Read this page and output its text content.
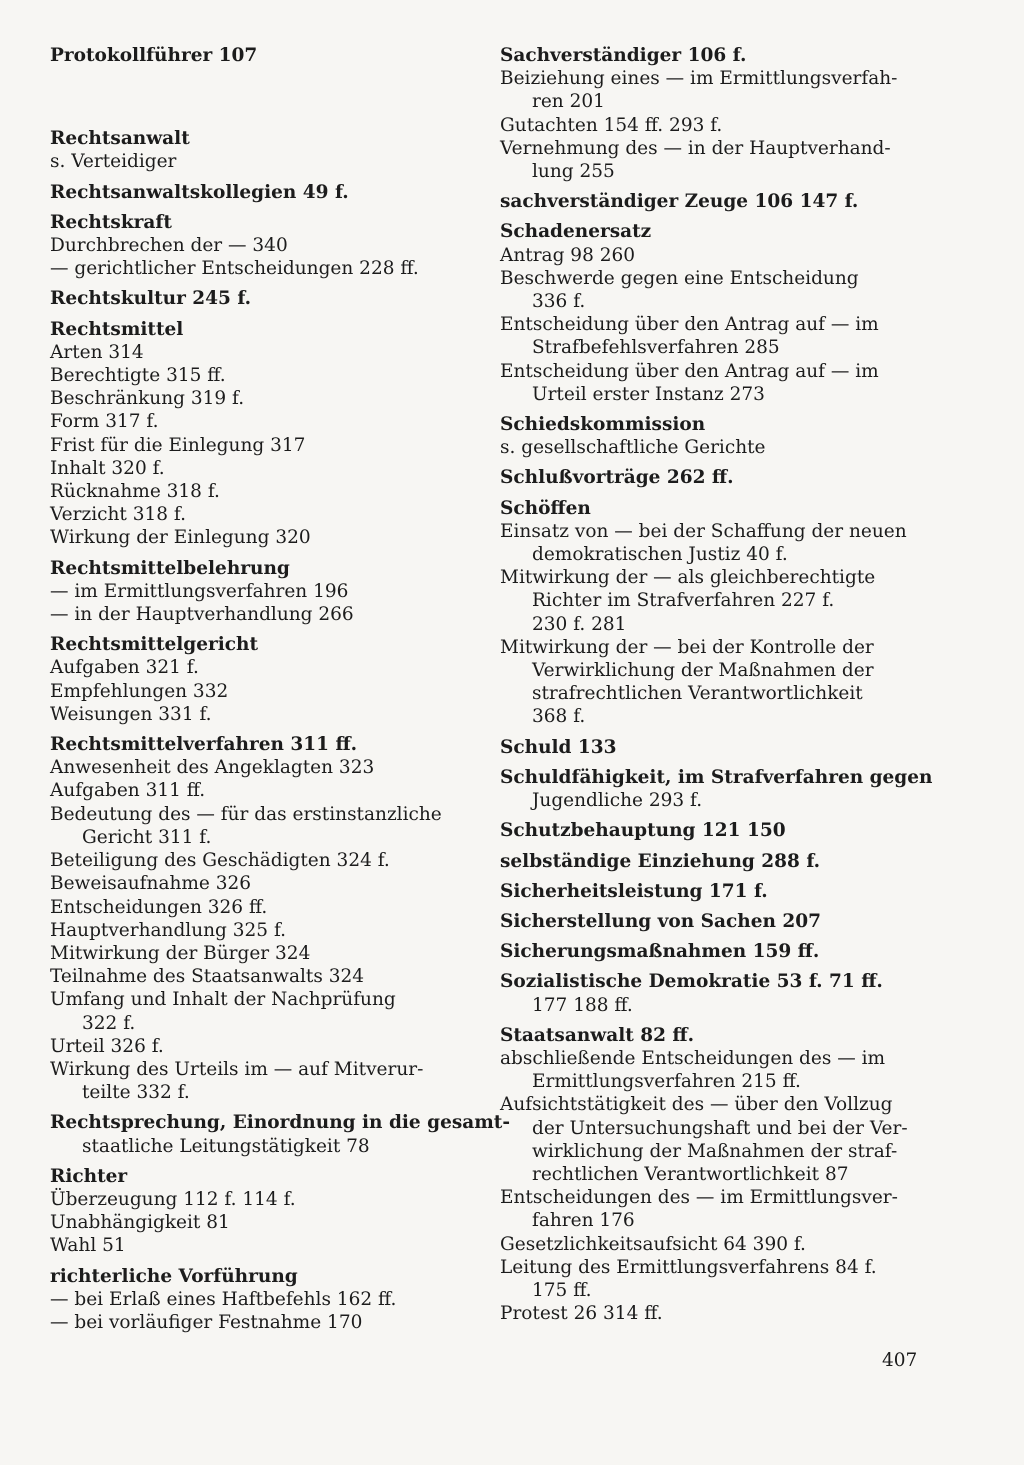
Protokollführer 107
Rechtsanwalt
s. Verteidiger
Rechtsanwaltskollegien 49 f.
Rechtskraft
Durchbrechen der — 340
— gerichtlicher Entscheidungen 228 ff.
Rechtskultur 245 f.
Rechtsmittel
Arten 314
Berechtigte 315 ff.
Beschränkung 319 f.
Form 317 f.
Frist für die Einlegung 317
Inhalt 320 f.
Rücknahme 318 f.
Verzicht 318 f.
Wirkung der Einlegung 320
Rechtsmittelbelehrung
— im Ermittlungsverfahren 196
— in der Hauptverhandlung 266
Rechtsmittelgericht
Aufgaben 321 f.
Empfehlungen 332
Weisungen 331 f.
Rechtsmittelverfahren 311 ff.
Anwesenheit des Angeklagten 323
Aufgaben 311 ff.
Bedeutung des — für das erstinstanzliche
Gericht 311 f.
Beteiligung des Geschädigten 324 f.
Beweisaufnahme 326
Entscheidungen 326 ff.
Hauptverhandlung 325 f.
Mitwirkung der Bürger 324
Teilnahme des Staatsanwalts 324
Umfang und Inhalt der Nachprüfung
322 f.
Urteil 326 f.
Wirkung des Urteils im — auf Mitverur-
teilte 332 f.
Rechtsprechung, Einordnung in die gesamt-
staatliche Leitungstätigkeit 78
Richter
Überzeugung 112 f. 114 f.
Unabhängigkeit 81
Wahl 51
richterliche Vorführung
— bei Erlaß eines Haftbefehls 162 ff.
— bei vorläufiger Festnahme 170
Sachverständiger 106 f.
Beiziehung eines — im Ermittlungsverfah-
ren 201
Gutachten 154 ff. 293 f.
Vernehmung des — in der Hauptverhand-
lung 255
sachverständiger Zeuge 106 147 f.
Schadenersatz
Antrag 98 260
Beschwerde gegen eine Entscheidung
336 f.
Entscheidung über den Antrag auf — im
Strafbefehlsverfahren 285
Entscheidung über den Antrag auf — im
Urteil erster Instanz 273
Schiedskommission
s. gesellschaftliche Gerichte
Schlußvorträge 262 ff.
Schöffen
Einsatz von — bei der Schaffung der neuen
demokratischen Justiz 40 f.
Mitwirkung der — als gleichberechtigte
Richter im Strafverfahren 227 f.
230 f. 281
Mitwirkung der — bei der Kontrolle der
Verwirklichung der Maßnahmen der
strafrechtlichen Verantwortlichkeit
368 f.
Schuld 133
Schuldfähigkeit, im Strafverfahren gegen
Jugendliche 293 f.
Schutzbehauptung 121 150
selbständige Einziehung 288 f.
Sicherheitsleistung 171 f.
Sicherstellung von Sachen 207
Sicherungsmaßnahmen 159 ff.
Sozialistische Demokratie 53 f. 71 ff.
177 188 ff.
Staatsanwalt 82 ff.
abschließende Entscheidungen des — im
Ermittlungsverfahren 215 ff.
Aufsichtstätigkeit des — über den Vollzug
der Untersuchungshaft und bei der Ver-
wirklichung der Maßnahmen der straf-
rechtlichen Verantwortlichkeit 87
Entscheidungen des — im Ermittlungsver-
fahren 176
Gesetzlichkeitsaufsicht 64 390 f.
Leitung des Ermittlungsverfahrens 84 f.
175 ff.
Protest 26 314 ff.
407
